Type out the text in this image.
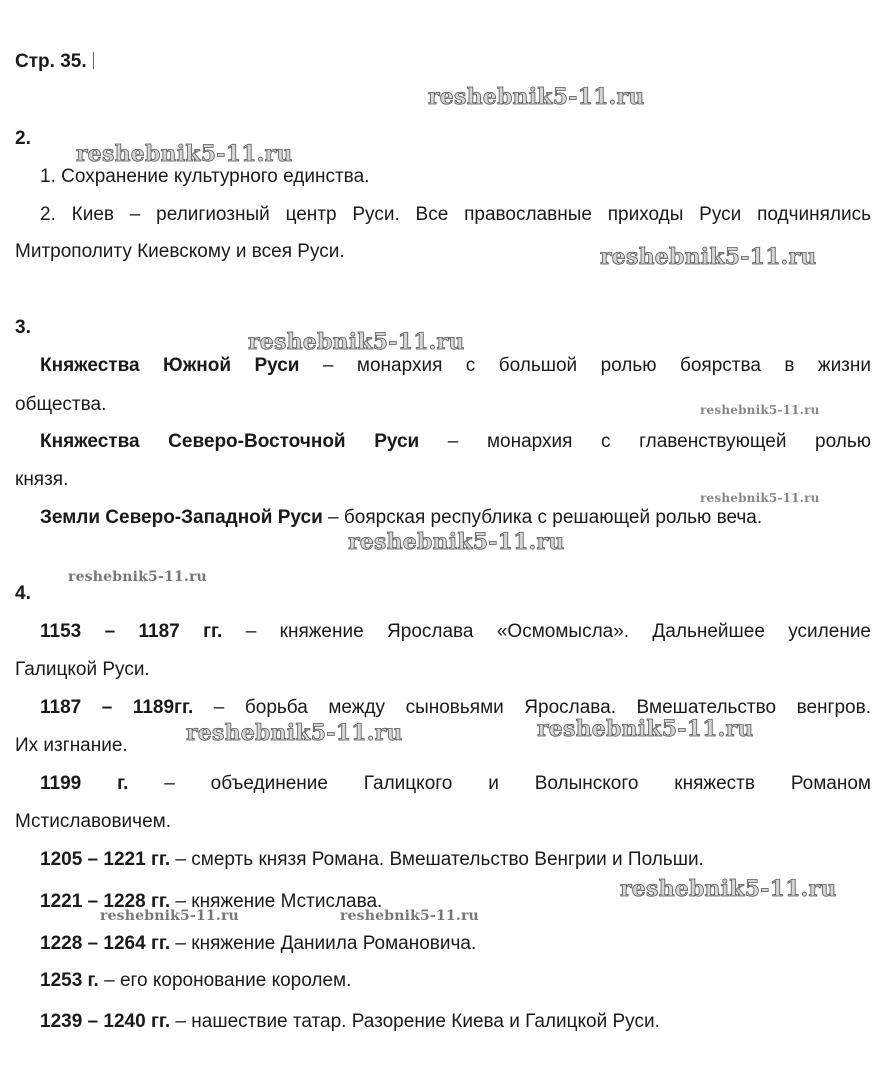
Стр. 35.
2.
1. Сохранение культурного единства.
2. Киев – религиозный центр Руси. Все православные приходы Руси подчинялись
Митрополиту Киевскому и всея Руси.
3.
Княжества Южной Руси – монархия с большой ролью боярства в жизни
общества.
Княжества Северо-Восточной Руси – монархия с главенствующей ролью
князя.
Земли Северо-Западной Руси – боярская республика с решающей ролью веча.
4.
1153 – 1187 гг. – княжение Ярослава «Осмомысла». Дальнейшее усиление
Галицкой Руси.
1187 – 1189гг. – борьба между сыновьями Ярослава. Вмешательство венгров.
Их изгнание.
1199 г. – объединение Галицкого и Волынского княжеств Романом
Мстиславовичем.
1205 – 1221 гг. – смерть князя Романа. Вмешательство Венгрии и Польши.
1221 – 1228 гг. – княжение Мстислава.
1228 – 1264 гг. – княжение Даниила Романовича.
1253 г. – его коронование королем.
1239 – 1240 гг. – нашествие татар. Разорение Киева и Галицкой Руси.
reshebnik5-11.ru
reshebnik5-11.ru
reshebnik5-11.ru
reshebnik5-11.ru
reshebnik5-11.ru
reshebnik5-11.ru
reshebnik5-11.ru
reshebnik5-11.ru
reshebnik5-11.ru	reshebnik5-11.ru
reshebnik5-11.ru
reshebnik5-11.ru	reshebnik5-11.ru
